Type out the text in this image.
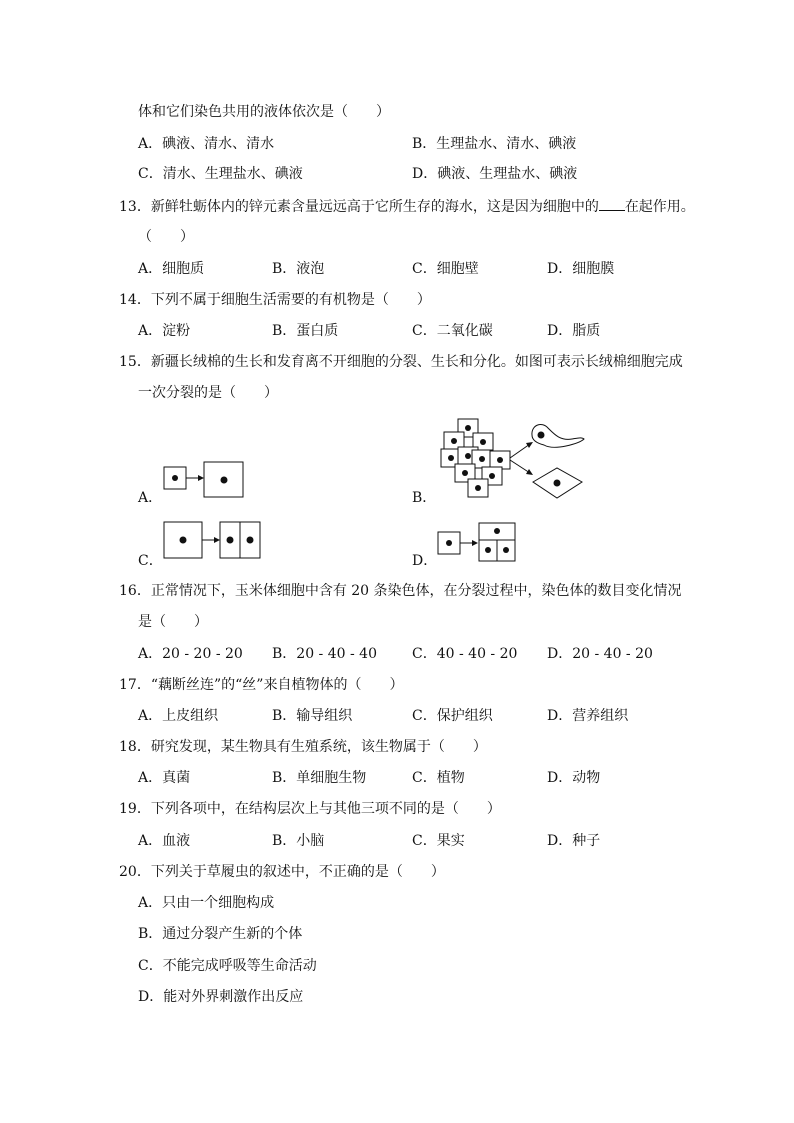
体和它们染色共用的液体依次是（　　）
A．碘液、清水、清水	B．生理盐水、清水、碘液
C．清水、生理盐水、碘液	D．碘液、生理盐水、碘液
13．新鲜牡蛎体内的锌元素含量远远高于它所生存的海水，这是因为细胞中的 在起作用。
（　　）
A．细胞质	B．液泡	C．细胞壁	D．细胞膜
14．下列不属于细胞生活需要的有机物是（　　）
A．淀粉	B．蛋白质	C．二氧化碳	D．脂质
15．新疆长绒棉的生长和发育离不开细胞的分裂、生长和分化。如图可表示长绒棉细胞完成
一次分裂的是（　　）
A．	B．
C．	D．
16．正常情况下，玉米体细胞中含有 20 条染色体，在分裂过程中，染色体的数目变化情况
是（　　）
A．20 - 20 - 20 B．20 - 40 - 40	C．40 - 40 - 20 D．20 - 40 - 20
17．“藕断丝连”的“丝”来自植物体的（　　）
A．上皮组织	B．输导组织	C．保护组织	D．营养组织
18．研究发现，某生物具有生殖系统，该生物属于（　　）
A．真菌	B．单细胞生物	C．植物	D．动物
19．下列各项中，在结构层次上与其他三项不同的是（　　）
A．血液	B．小脑	C．果实	D．种子
20．下列关于草履虫的叙述中，不正确的是（　　）
A．只由一个细胞构成
B．通过分裂产生新的个体
C．不能完成呼吸等生命活动
D．能对外界刺激作出反应
